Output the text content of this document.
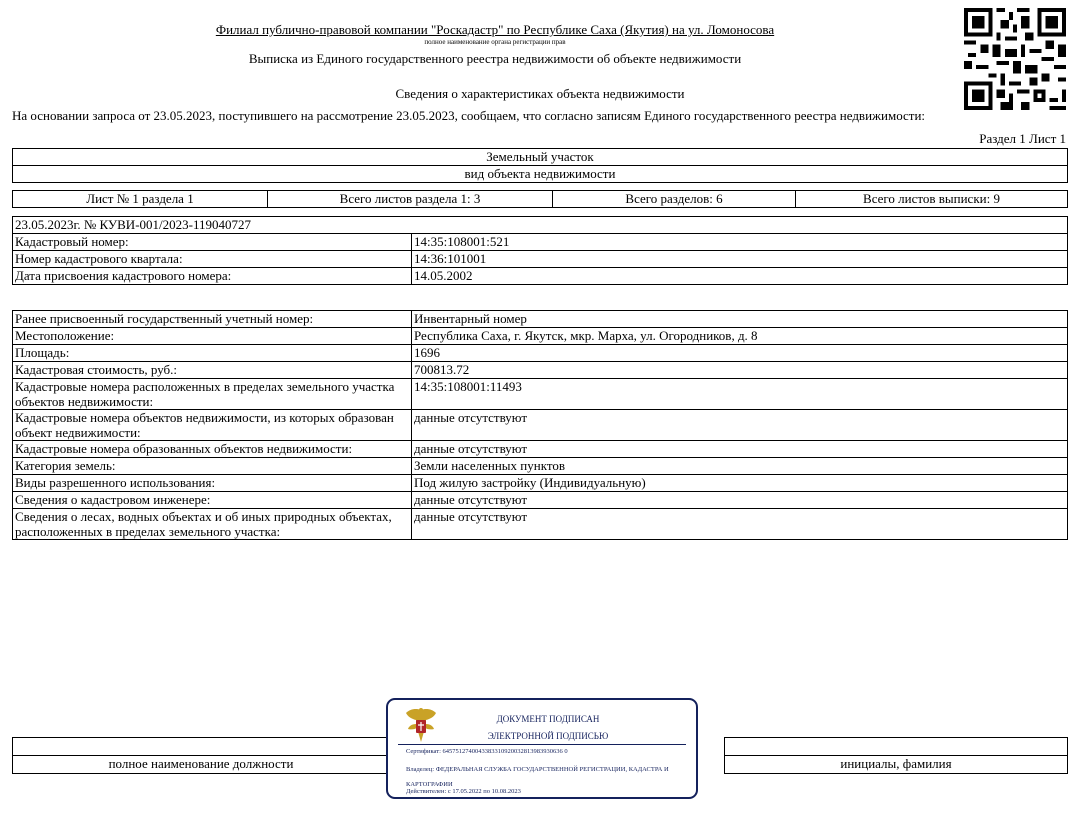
Филиал публично-правовой компании "Роскадастр" по Республике Саха (Якутия) на ул. Ломоносова
полное наименование органа регистрации прав
Выписка из Единого государственного реестра недвижимости об объекте недвижимости
Сведения о характеристиках объекта недвижимости
На основании запроса от 23.05.2023, поступившего на рассмотрение 23.05.2023, сообщаем, что согласно записям Единого государственного реестра недвижимости:
Раздел 1 Лист 1
Земельный участок
вид объекта недвижимости
Лист № 1 раздела 1	Всего листов раздела 1: 3	Всего разделов: 6	Всего листов выписки: 9
23.05.2023г. № КУВИ-001/2023-119040727	
Кадастровый номер:	14:35:108001:521
Номер кадастрового квартала:	14:36:101001
Дата присвоения кадастрового номера:	14.05.2002
Ранее присвоенный государственный учетный номер:	Инвентарный номер
Местоположение:	Республика Саха, г. Якутск, мкр. Марха, ул. Огородников, д. 8
Площадь:	1696
Кадастровая стоимость, руб.:	700813.72
Кадастровые номера расположенных в пределах земельного участка объектов недвижимости:	14:35:108001:11493
Кадастровые номера объектов недвижимости, из которых образован объект недвижимости:	данные отсутствуют
Кадастровые номера образованных объектов недвижимости:	данные отсутствуют
Категория земель:	Земли населенных пунктов
Виды разрешенного использования:	Под жилую застройку (Индивидуальную)
Сведения о кадастровом инженере:	данные отсутствуют
Сведения о лесах, водных объектах и об иных природных объектах, расположенных в пределах земельного участка:	данные отсутствуют

полное наименование должности		инициалы, фамилия
ДОКУМЕНТ ПОДПИСАН
ЭЛЕКТРОННОЙ ПОДПИСЬЮ
Сертификат: 6457512740043383310920032813983930636 0
Владелец: ФЕДЕРАЛЬНАЯ СЛУЖБА ГОСУДАРСТВЕННОЙ РЕГИСТРАЦИИ, КАДАСТРА И КАРТОГРАФИИ
Действителен: с 17.05.2022 по 10.08.2023
